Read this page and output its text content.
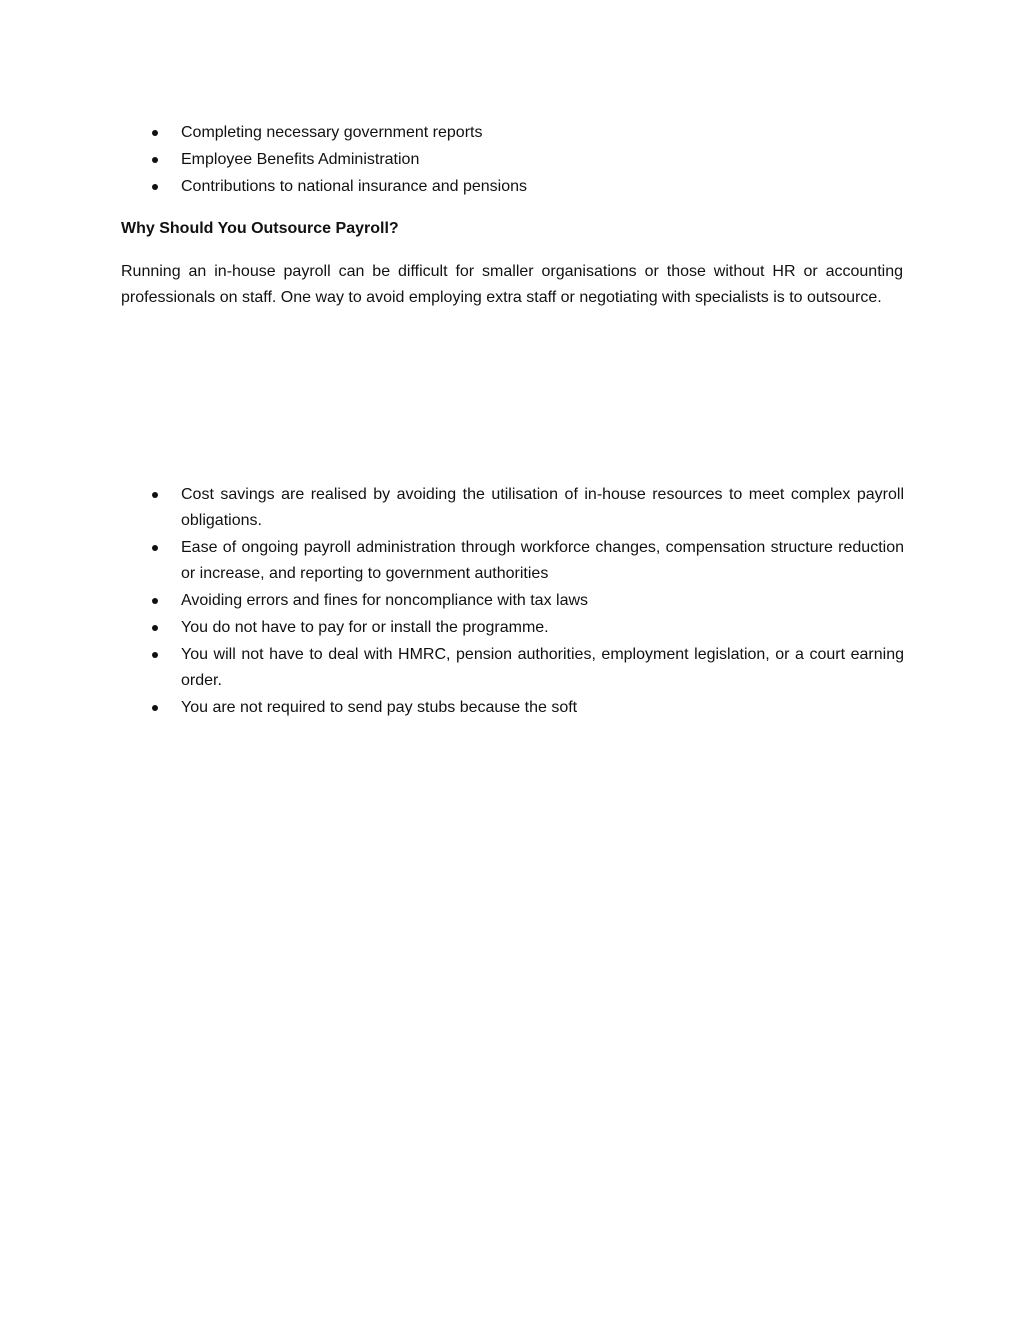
Completing necessary government reports
Employee Benefits Administration
Contributions to national insurance and pensions
Why Should You Outsource Payroll?
Running an in-house payroll can be difficult for smaller organisations or those without HR or accounting professionals on staff. One way to avoid employing extra staff or negotiating with specialists is to outsource.
Cost savings are realised by avoiding the utilisation of in-house resources to meet complex payroll obligations.
Ease of ongoing payroll administration through workforce changes, compensation structure reduction or increase, and reporting to government authorities
Avoiding errors and fines for noncompliance with tax laws
You do not have to pay for or install the programme.
You will not have to deal with HMRC, pension authorities, employment legislation, or a court earning order.
You are not required to send pay stubs because the soft
